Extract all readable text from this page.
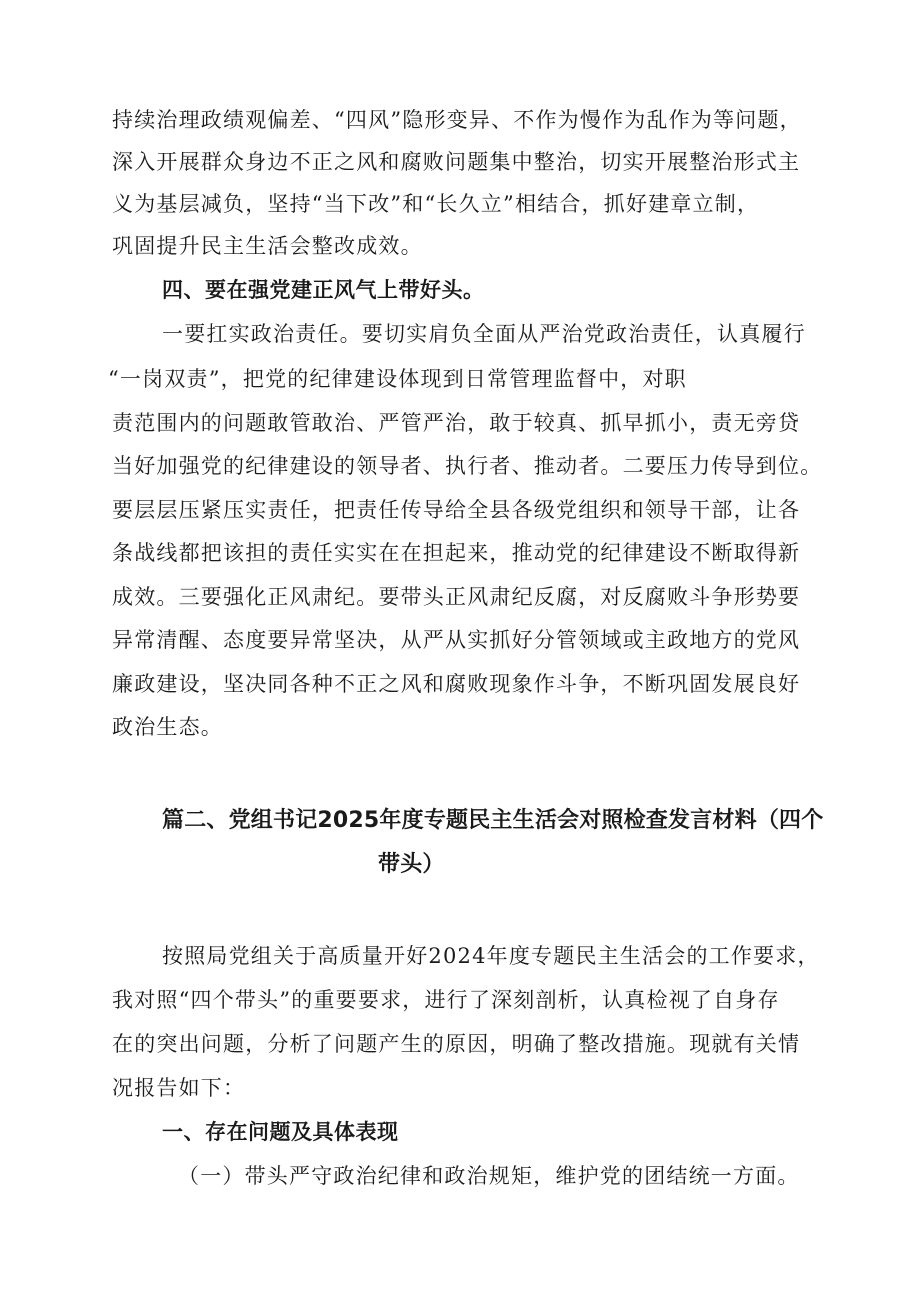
持续治理政绩观偏差、“四风”隐形变异、不作为慢作为乱作为等问题，
深入开展群众身边不正之风和腐败问题集中整治，切实开展整治形式主
义为基层减负，坚持“当下改”和“长久立”相结合，抓好建章立制，
巩固提升民主生活会整改成效。
四、要在强党建正风气上带好头。
一要扛实政治责任。要切实肩负全面从严治党政治责任，认真履行
“一岗双责”，把党的纪律建设体现到日常管理监督中，对职
责范围内的问题敢管敢治、严管严治，敢于较真、抓早抓小，责无旁贷
当好加强党的纪律建设的领导者、执行者、推动者。二要压力传导到位。
要层层压紧压实责任，把责任传导给全县各级党组织和领导干部，让各
条战线都把该担的责任实实在在担起来，推动党的纪律建设不断取得新
成效。三要强化正风肃纪。要带头正风肃纪反腐，对反腐败斗争形势要
异常清醒、态度要异常坚决，从严从实抓好分管领域或主政地方的党风
廉政建设，坚决同各种不正之风和腐败现象作斗争，不断巩固发展良好
政治生态。
篇二、党组书记2025年度专题民主生活会对照检查发言材料（四个
带头）
按照局党组关于高质量开好2024年度专题民主生活会的工作要求，
我对照“四个带头”的重要要求，进行了深刻剖析，认真检视了自身存
在的突出问题，分析了问题产生的原因，明确了整改措施。现就有关情
况报告如下：
一、存在问题及具体表现
（一）带头严守政治纪律和政治规矩，维护党的团结统一方面。
